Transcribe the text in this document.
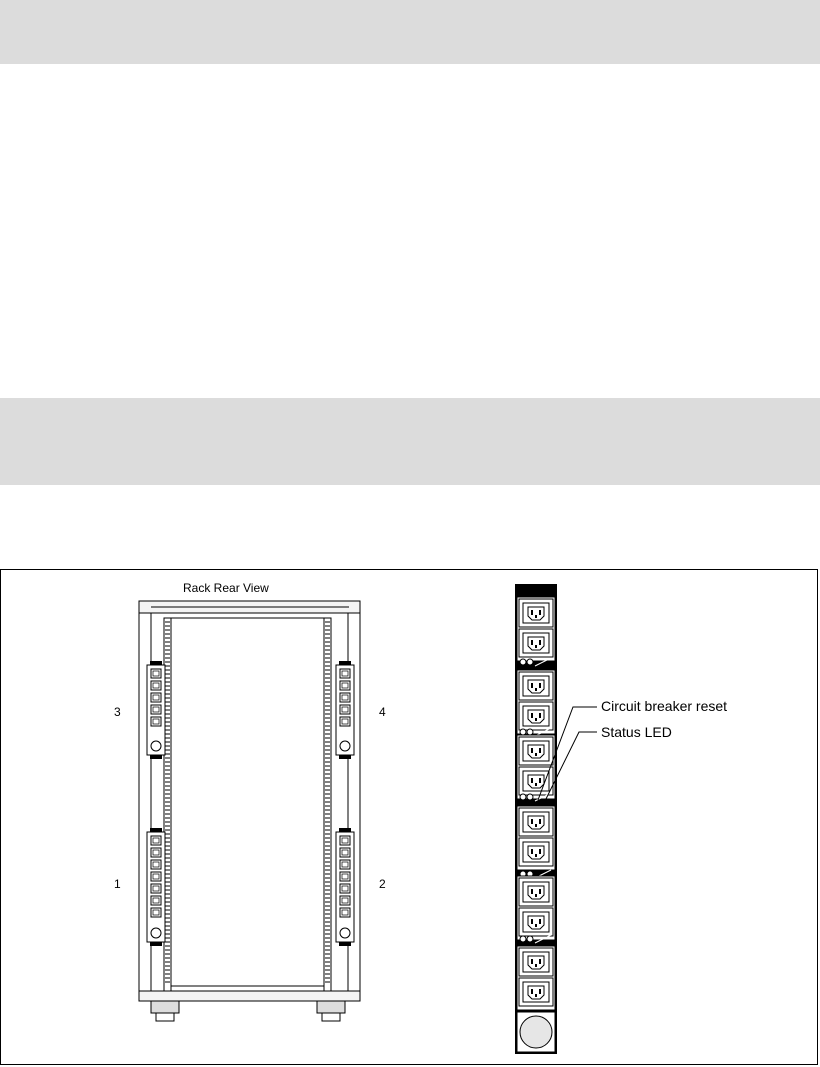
Rack Rear View
3	4
1	2
Circuit breaker reset
Status LED
